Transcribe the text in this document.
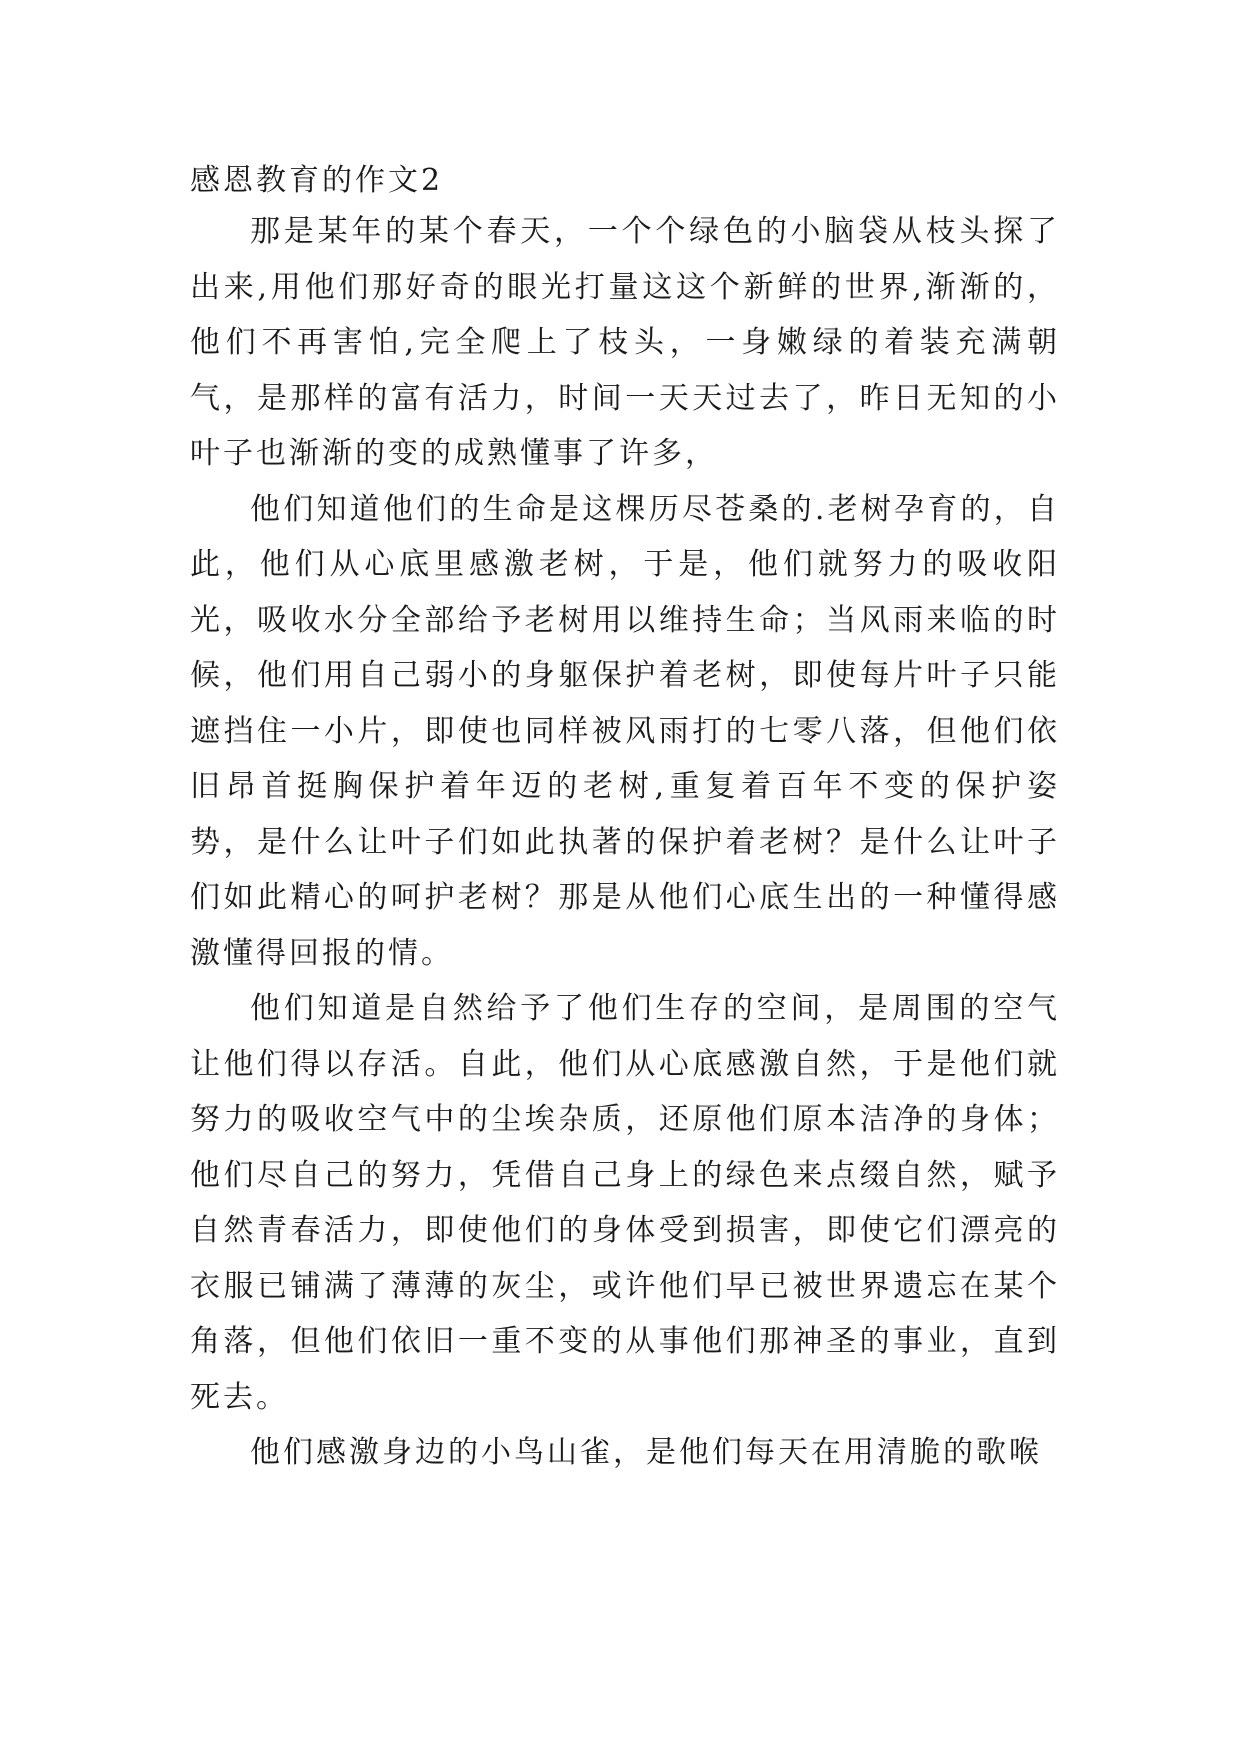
感恩教育的作文2

那是某年的某个春天，一个个绿色的小脑袋从枝头探了出来,用他们那好奇的眼光打量这这个新鲜的世界,渐渐的，他们不再害怕,完全爬上了枝头，一身嫩绿的着装充满朝气，是那样的富有活力，时间一天天过去了，昨日无知的小叶子也渐渐的变的成熟懂事了许多，

他们知道他们的生命是这棵历尽苍桑的.老树孕育的，自此，他们从心底里感激老树，于是，他们就努力的吸收阳光，吸收水分全部给予老树用以维持生命；当风雨来临的时候，他们用自己弱小的身躯保护着老树，即使每片叶子只能遮挡住一小片，即使也同样被风雨打的七零八落，但他们依旧昂首挺胸保护着年迈的老树,重复着百年不变的保护姿势，是什么让叶子们如此执著的保护着老树？是什么让叶子们如此精心的呵护老树？那是从他们心底生出的一种懂得感激懂得回报的情。

他们知道是自然给予了他们生存的空间，是周围的空气让他们得以存活。自此，他们从心底感激自然，于是他们就努力的吸收空气中的尘埃杂质，还原他们原本洁净的身体；他们尽自己的努力，凭借自己身上的绿色来点缀自然，赋予自然青春活力，即使他们的身体受到损害，即使它们漂亮的衣服已铺满了薄薄的灰尘，或许他们早已被世界遗忘在某个角落，但他们依旧一重不变的从事他们那神圣的事业，直到死去。

他们感激身边的小鸟山雀，是他们每天在用清脆的歌喉
